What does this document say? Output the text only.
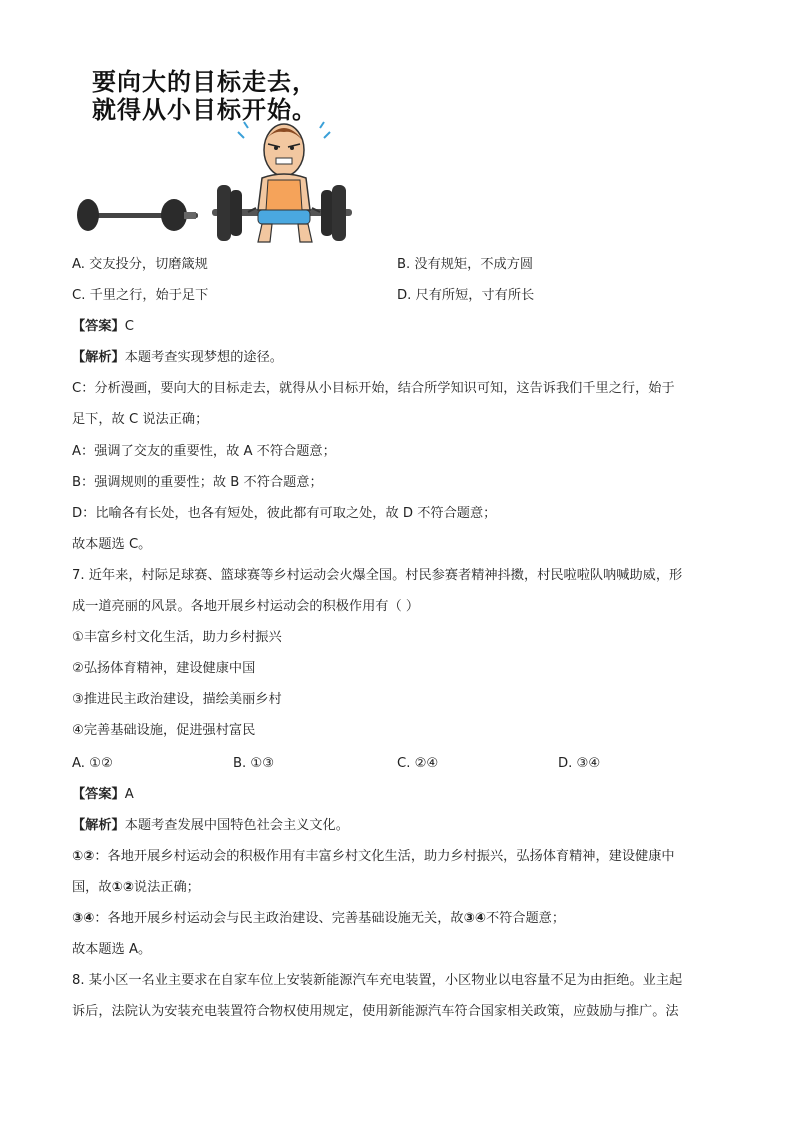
要向大的目标走去，
就得从小目标开始。
A. 交友投分，切磨箴规	B. 没有规矩，不成方圆
C. 千里之行，始于足下	D. 尺有所短，寸有所长
【答案】C
【解析】本题考查实现梦想的途径。
C：分析漫画，要向大的目标走去，就得从小目标开始，结合所学知识可知，这告诉我们千里之行，始于
足下，故 C 说法正确；
A：强调了交友的重要性，故 A 不符合题意；
B：强调规则的重要性；故 B 不符合题意；
D：比喻各有长处，也各有短处，彼此都有可取之处，故 D 不符合题意；
故本题选 C。
7. 近年来，村际足球赛、篮球赛等乡村运动会火爆全国。村民参赛者精神抖擞，村民啦啦队呐喊助威，形
成一道亮丽的风景。各地开展乡村运动会的积极作用有（ ）
①丰富乡村文化生活，助力乡村振兴
②弘扬体育精神，建设健康中国
③推进民主政治建设，描绘美丽乡村
④完善基础设施，促进强村富民
A. ①②	B. ①③	C. ②④	D. ③④
【答案】A
【解析】本题考查发展中国特色社会主义文化。
①②：各地开展乡村运动会的积极作用有丰富乡村文化生活，助力乡村振兴，弘扬体育精神，建设健康中
国，故①②说法正确；
③④：各地开展乡村运动会与民主政治建设、完善基础设施无关，故③④不符合题意；
故本题选 A。
8. 某小区一名业主要求在自家车位上安装新能源汽车充电装置，小区物业以电容量不足为由拒绝。业主起
诉后，法院认为安装充电装置符合物权使用规定，使用新能源汽车符合国家相关政策，应鼓励与推广。法
